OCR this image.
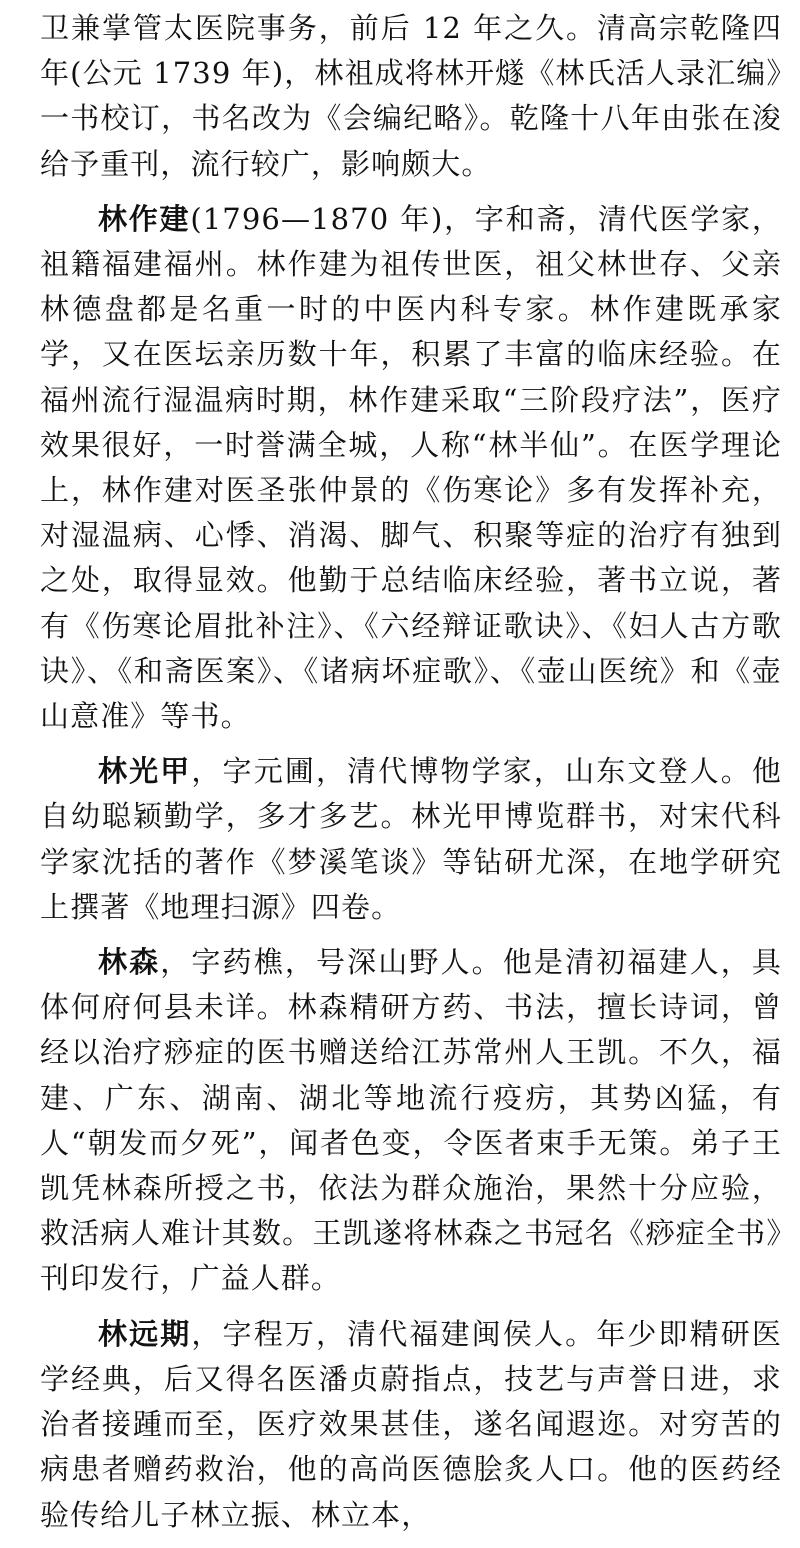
卫兼掌管太医院事务，前后 12 年之久。清高宗乾隆四年(公元 1739 年)，林祖成将林开燧《林氏活人录汇编》一书校订，书名改为《会编纪略》。乾隆十八年由张在浚给予重刊，流行较广，影响颇大。

林作建(1796—1870 年)，字和斋，清代医学家，祖籍福建福州。林作建为祖传世医，祖父林世存、父亲林德盘都是名重一时的中医内科专家。林作建既承家学，又在医坛亲历数十年，积累了丰富的临床经验。在福州流行湿温病时期，林作建采取“三阶段疗法”，医疗效果很好，一时誉满全城，人称“林半仙”。在医学理论上，林作建对医圣张仲景的《伤寒论》多有发挥补充，对湿温病、心悸、消渴、脚气、积聚等症的治疗有独到之处，取得显效。他勤于总结临床经验，著书立说，著有《伤寒论眉批补注》、《六经辩证歌诀》、《妇人古方歌诀》、《和斋医案》、《诸病坏症歌》、《壶山医统》和《壶山意准》等书。

林光甲，字元圃，清代博物学家，山东文登人。他自幼聪颖勤学，多才多艺。林光甲博览群书，对宋代科学家沈括的著作《梦溪笔谈》等钻研尤深，在地学研究上撰著《地理扫源》四卷。

林森，字药樵，号深山野人。他是清初福建人，具体何府何县未详。林森精研方药、书法，擅长诗词，曾经以治疗痧症的医书赠送给江苏常州人王凯。不久，福建、广东、湖南、湖北等地流行疫疠，其势凶猛，有人“朝发而夕死”，闻者色变，令医者束手无策。弟子王凯凭林森所授之书，依法为群众施治，果然十分应验，救活病人难计其数。王凯遂将林森之书冠名《痧症全书》刊印发行，广益人群。

林远期，字程万，清代福建闽侯人。年少即精研医学经典，后又得名医潘贞蔚指点，技艺与声誉日进，求治者接踵而至，医疗效果甚佳，遂名闻遐迩。对穷苦的病患者赠药救治，他的高尚医德脍炙人口。他的医药经验传给儿子林立振、林立本，
